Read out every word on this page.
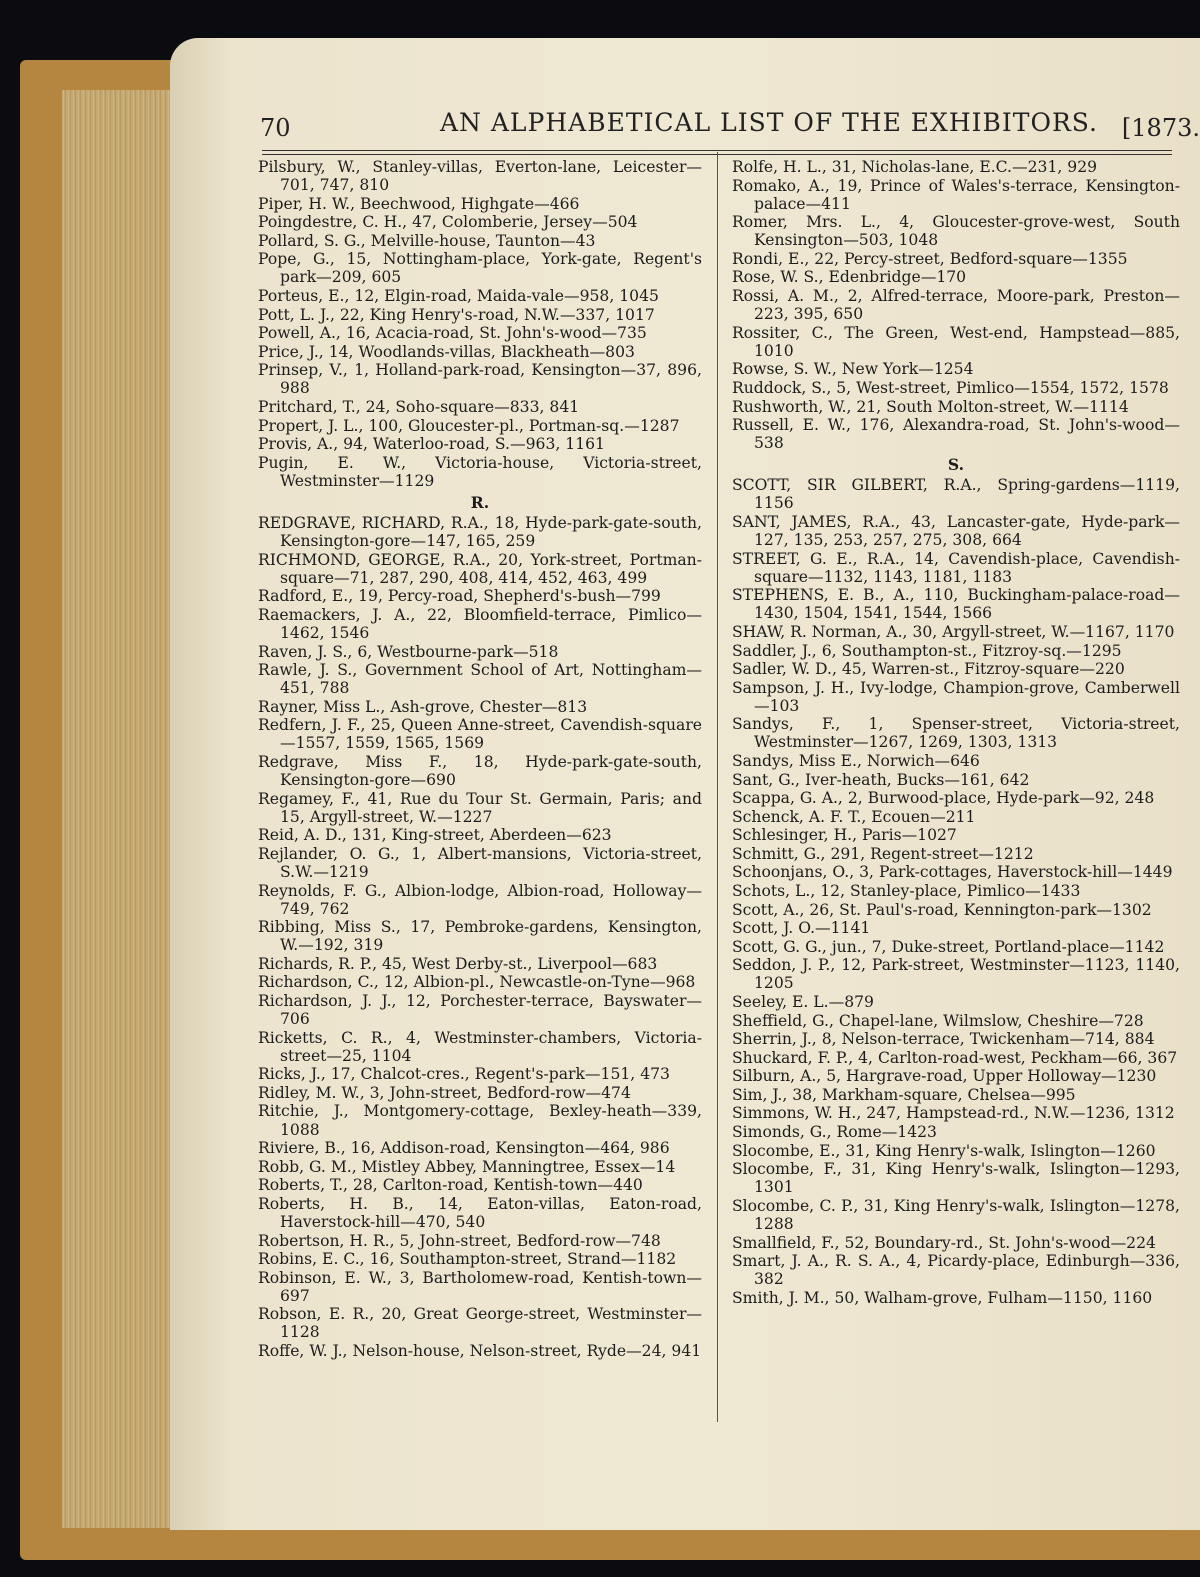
70	AN ALPHABETICAL LIST OF THE EXHIBITORS. [1873.

Pilsbury, W., Stanley-villas, Everton-lane, Leicester—701, 747, 810

Piper, H. W., Beechwood, Highgate—466

Poingdestre, C. H., 47, Colomberie, Jersey—504

Pollard, S. G., Melville-house, Taunton—43

Pope, G., 15, Nottingham-place, York-gate, Regent's park—209, 605

Porteus, E., 12, Elgin-road, Maida-vale—958, 1045

Pott, L. J., 22, King Henry's-road, N.W.—337, 1017

Powell, A., 16, Acacia-road, St. John's-wood—735

Price, J., 14, Woodlands-villas, Blackheath—803

Prinsep, V., 1, Holland-park-road, Kensington—37, 896, 988

Pritchard, T., 24, Soho-square—833, 841

Propert, J. L., 100, Gloucester-pl., Portman-sq.—1287

Provis, A., 94, Waterloo-road, S.—963, 1161

Pugin, E. W., Victoria-house, Victoria-street, Westminster—1129

R.

REDGRAVE, RICHARD, R.A., 18, Hyde-park-gate-south, Kensington-gore—147, 165, 259

RICHMOND, GEORGE, R.A., 20, York-street, Portman-square—71, 287, 290, 408, 414, 452, 463, 499

Radford, E., 19, Percy-road, Shepherd's-bush—799

Raemackers, J. A., 22, Bloomfield-terrace, Pimlico—1462, 1546

Raven, J. S., 6, Westbourne-park—518

Rawle, J. S., Government School of Art, Nottingham—451, 788

Rayner, Miss L., Ash-grove, Chester—813

Redfern, J. F., 25, Queen Anne-street, Cavendish-square—1557, 1559, 1565, 1569

Redgrave, Miss F., 18, Hyde-park-gate-south, Kensington-gore—690

Regamey, F., 41, Rue du Tour St. Germain, Paris; and 15, Argyll-street, W.—1227

Reid, A. D., 131, King-street, Aberdeen—623

Rejlander, O. G., 1, Albert-mansions, Victoria-street, S.W.—1219

Reynolds, F. G., Albion-lodge, Albion-road, Holloway—749, 762

Ribbing, Miss S., 17, Pembroke-gardens, Kensington, W.—192, 319

Richards, R. P., 45, West Derby-st., Liverpool—683

Richardson, C., 12, Albion-pl., Newcastle-on-Tyne—968

Richardson, J. J., 12, Porchester-terrace, Bayswater—706

Ricketts, C. R., 4, Westminster-chambers, Victoria-street—25, 1104

Ricks, J., 17, Chalcot-cres., Regent's-park—151, 473

Ridley, M. W., 3, John-street, Bedford-row—474

Ritchie, J., Montgomery-cottage, Bexley-heath—339, 1088

Riviere, B., 16, Addison-road, Kensington—464, 986

Robb, G. M., Mistley Abbey, Manningtree, Essex—14

Roberts, T., 28, Carlton-road, Kentish-town—440

Roberts, H. B., 14, Eaton-villas, Eaton-road, Haverstock-hill—470, 540

Robertson, H. R., 5, John-street, Bedford-row—748

Robins, E. C., 16, Southampton-street, Strand—1182

Robinson, E. W., 3, Bartholomew-road, Kentish-town—697

Robson, E. R., 20, Great George-street, Westminster—1128

Roffe, W. J., Nelson-house, Nelson-street, Ryde—24, 941

Rolfe, H. L., 31, Nicholas-lane, E.C.—231, 929

Romako, A., 19, Prince of Wales's-terrace, Kensington-palace—411

Romer, Mrs. L., 4, Gloucester-grove-west, South Kensington—503, 1048

Rondi, E., 22, Percy-street, Bedford-square—1355

Rose, W. S., Edenbridge—170

Rossi, A. M., 2, Alfred-terrace, Moore-park, Preston—223, 395, 650

Rossiter, C., The Green, West-end, Hampstead—885, 1010

Rowse, S. W., New York—1254

Ruddock, S., 5, West-street, Pimlico—1554, 1572, 1578

Rushworth, W., 21, South Molton-street, W.—1114

Russell, E. W., 176, Alexandra-road, St. John's-wood—538

S.

SCOTT, SIR GILBERT, R.A., Spring-gardens—1119, 1156

SANT, JAMES, R.A., 43, Lancaster-gate, Hyde-park—127, 135, 253, 257, 275, 308, 664

STREET, G. E., R.A., 14, Cavendish-place, Cavendish-square—1132, 1143, 1181, 1183

STEPHENS, E. B., A., 110, Buckingham-palace-road—1430, 1504, 1541, 1544, 1566

SHAW, R. Norman, A., 30, Argyll-street, W.—1167, 1170

Saddler, J., 6, Southampton-st., Fitzroy-sq.—1295

Sadler, W. D., 45, Warren-st., Fitzroy-square—220

Sampson, J. H., Ivy-lodge, Champion-grove, Camberwell—103

Sandys, F., 1, Spenser-street, Victoria-street, Westminster—1267, 1269, 1303, 1313

Sandys, Miss E., Norwich—646

Sant, G., Iver-heath, Bucks—161, 642

Scappa, G. A., 2, Burwood-place, Hyde-park—92, 248

Schenck, A. F. T., Ecouen—211

Schlesinger, H., Paris—1027

Schmitt, G., 291, Regent-street—1212

Schoonjans, O., 3, Park-cottages, Haverstock-hill—1449

Schots, L., 12, Stanley-place, Pimlico—1433

Scott, A., 26, St. Paul's-road, Kennington-park—1302

Scott, J. O.—1141

Scott, G. G., jun., 7, Duke-street, Portland-place—1142

Seddon, J. P., 12, Park-street, Westminster—1123, 1140, 1205

Seeley, E. L.—879

Sheffield, G., Chapel-lane, Wilmslow, Cheshire—728

Sherrin, J., 8, Nelson-terrace, Twickenham—714, 884

Shuckard, F. P., 4, Carlton-road-west, Peckham—66, 367

Silburn, A., 5, Hargrave-road, Upper Holloway—1230

Sim, J., 38, Markham-square, Chelsea—995

Simmons, W. H., 247, Hampstead-rd., N.W.—1236, 1312

Simonds, G., Rome—1423

Slocombe, E., 31, King Henry's-walk, Islington—1260

Slocombe, F., 31, King Henry's-walk, Islington—1293, 1301

Slocombe, C. P., 31, King Henry's-walk, Islington—1278, 1288

Smallfield, F., 52, Boundary-rd., St. John's-wood—224

Smart, J. A., R. S. A., 4, Picardy-place, Edinburgh—336, 382

Smith, J. M., 50, Walham-grove, Fulham—1150, 1160
